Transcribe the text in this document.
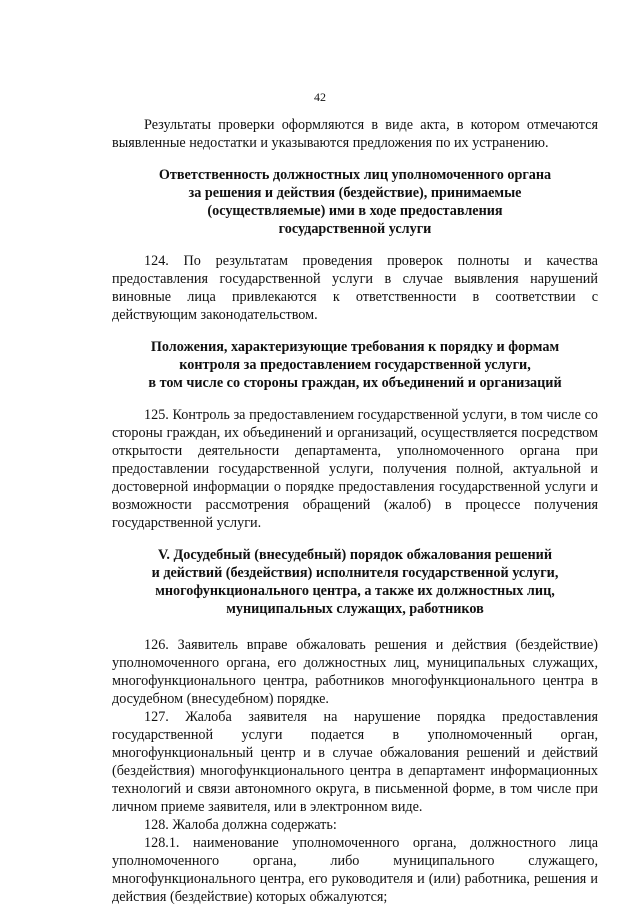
42

Результаты проверки оформляются в виде акта, в котором отмечаются выявленные недостатки и указываются предложения по их устранению.

Ответственность должностных лиц уполномоченного органа

за решения и действия (бездействие), принимаемые

(осуществляемые) ими в ходе предоставления

государственной услуги

124. По результатам проведения проверок полноты и качества предоставления государственной услуги в случае выявления нарушений виновные лица привлекаются к ответственности в соответствии с действующим законодательством.

Положения, характеризующие требования к порядку и формам

контроля за предоставлением государственной услуги,

в том числе со стороны граждан, их объединений и организаций

125. Контроль за предоставлением государственной услуги, в том числе со стороны граждан, их объединений и организаций, осуществляется посредством открытости деятельности департамента, уполномоченного органа при предоставлении государственной услуги, получения полной, актуальной и достоверной информации о порядке предоставления государственной услуги и возможности рассмотрения обращений (жалоб) в процессе получения государственной услуги.

V. Досудебный (внесудебный) порядок обжалования решений

и действий (бездействия) исполнителя государственной услуги,

многофункционального центра, а также их должностных лиц,

муниципальных служащих, работников

126. Заявитель вправе обжаловать решения и действия (бездействие) уполномоченного органа, его должностных лиц, муниципальных служащих, многофункционального центра, работников многофункционального центра в досудебном (внесудебном) порядке.

127. Жалоба заявителя на нарушение порядка предоставления государственной услуги подается в уполномоченный орган, многофункциональный центр и в случае обжалования решений и действий (бездействия) многофункционального центра в департамент информационных технологий и связи автономного округа, в письменной форме, в том числе при личном приеме заявителя, или в электронном виде.

128. Жалоба должна содержать:

128.1. наименование уполномоченного органа, должностного лица уполномоченного органа, либо муниципального служащего, многофункционального центра, его руководителя и (или) работника, решения и действия (бездействие) которых обжалуются;
